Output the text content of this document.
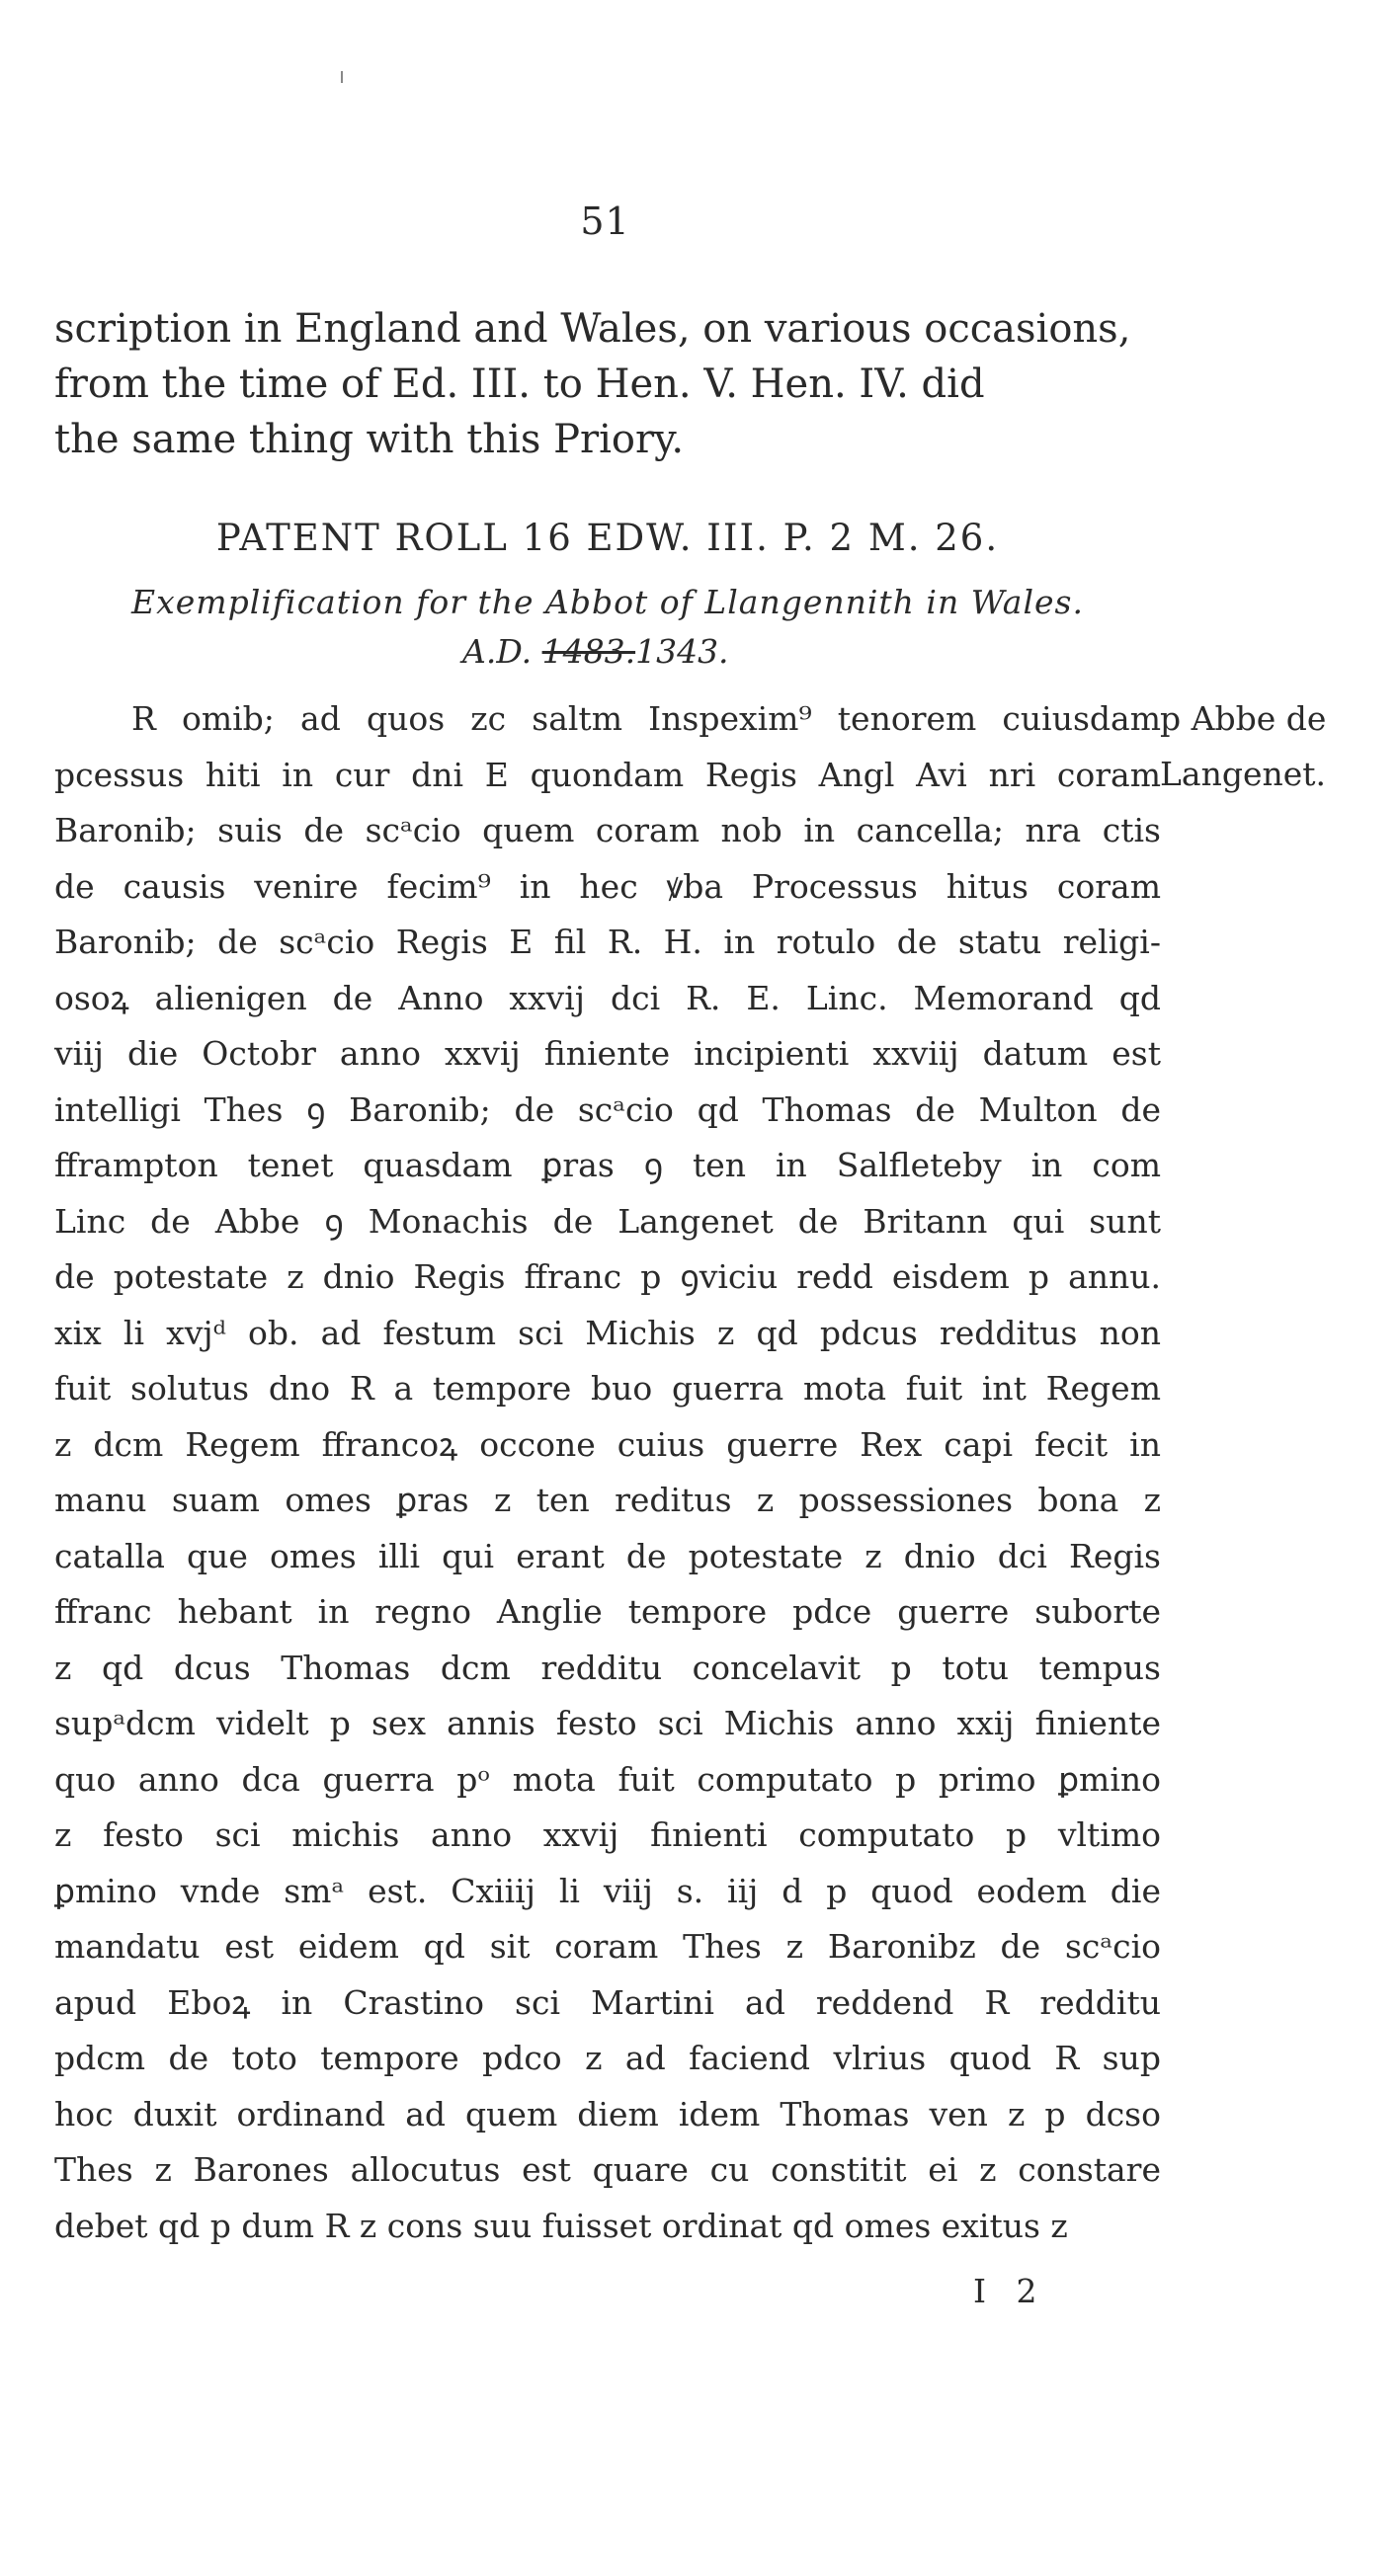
51
scription in England and Wales, on various occasions,
from the time of Ed. III. to Hen. V. Hen. IV. did
the same thing with this Priory.
PATENT ROLL 16 EDW. III. P. 2 M. 26.
Exemplification for the Abbot of Llangennith in Wales.
A.D. 1483.1343.
p Abbe de
Langenet.
R omib; ad quos zc saltm Inspexim⁹ tenorem cuiusdam
pcessus hiti in cur dni E quondam Regis Angl Avi nri coram
Baronib; suis de scᵃcio quem coram nob in cancella; nra ctis
de causis venire fecim⁹ in hec ꝟba Processus hitus coram
Baronib; de scᵃcio Regis E fil R. H. in rotulo de statu religi-
osoꝝ alienigen de Anno xxvij dci R. E. Linc. Memorand qd
viij die Octobr anno xxvij finiente incipienti xxviij datum est
intelligi Thes ꝯ Baronib; de scᵃcio qd Thomas de Multon de
fframpton tenet quasdam ꝑras ꝯ ten in Salfleteby in com
Linc de Abbe ꝯ Monachis de Langenet de Britann qui sunt
de potestate z dnio Regis ffranc p ꝯviciu redd eisdem p annu.
xix li xvjᵈ ob. ad festum sci Michis z qd pdcus redditus non
fuit solutus dno R a tempore buo guerra mota fuit int Regem
z dcm Regem ffrancoꝝ occone cuius guerre Rex capi fecit in
manu suam omes ꝑras z ten reditus z possessiones bona z
catalla que omes illi qui erant de potestate z dnio dci Regis
ffranc hebant in regno Anglie tempore pdce guerre suborte
z qd dcus Thomas dcm redditu concelavit p totu tempus
supᵃdcm videlt p sex annis festo sci Michis anno xxij finiente
quo anno dca guerra pᵒ mota fuit computato p primo ꝑmino
z festo sci michis anno xxvij finienti computato p vltimo
ꝑmino vnde smᵃ est. Cxiiij li viij s. iij d p quod eodem die
mandatu est eidem qd sit coram Thes z Baronibz de scᵃcio
apud Eboꝝ in Crastino sci Martini ad reddend R redditu
pdcm de toto tempore pdco z ad faciend vlrius quod R sup
hoc duxit ordinand ad quem diem idem Thomas ven z p dcso
Thes z Barones allocutus est quare cu constitit ei z constare
debet qd p dum R z cons suu fuisset ordinat qd omes exitus z
I 2
